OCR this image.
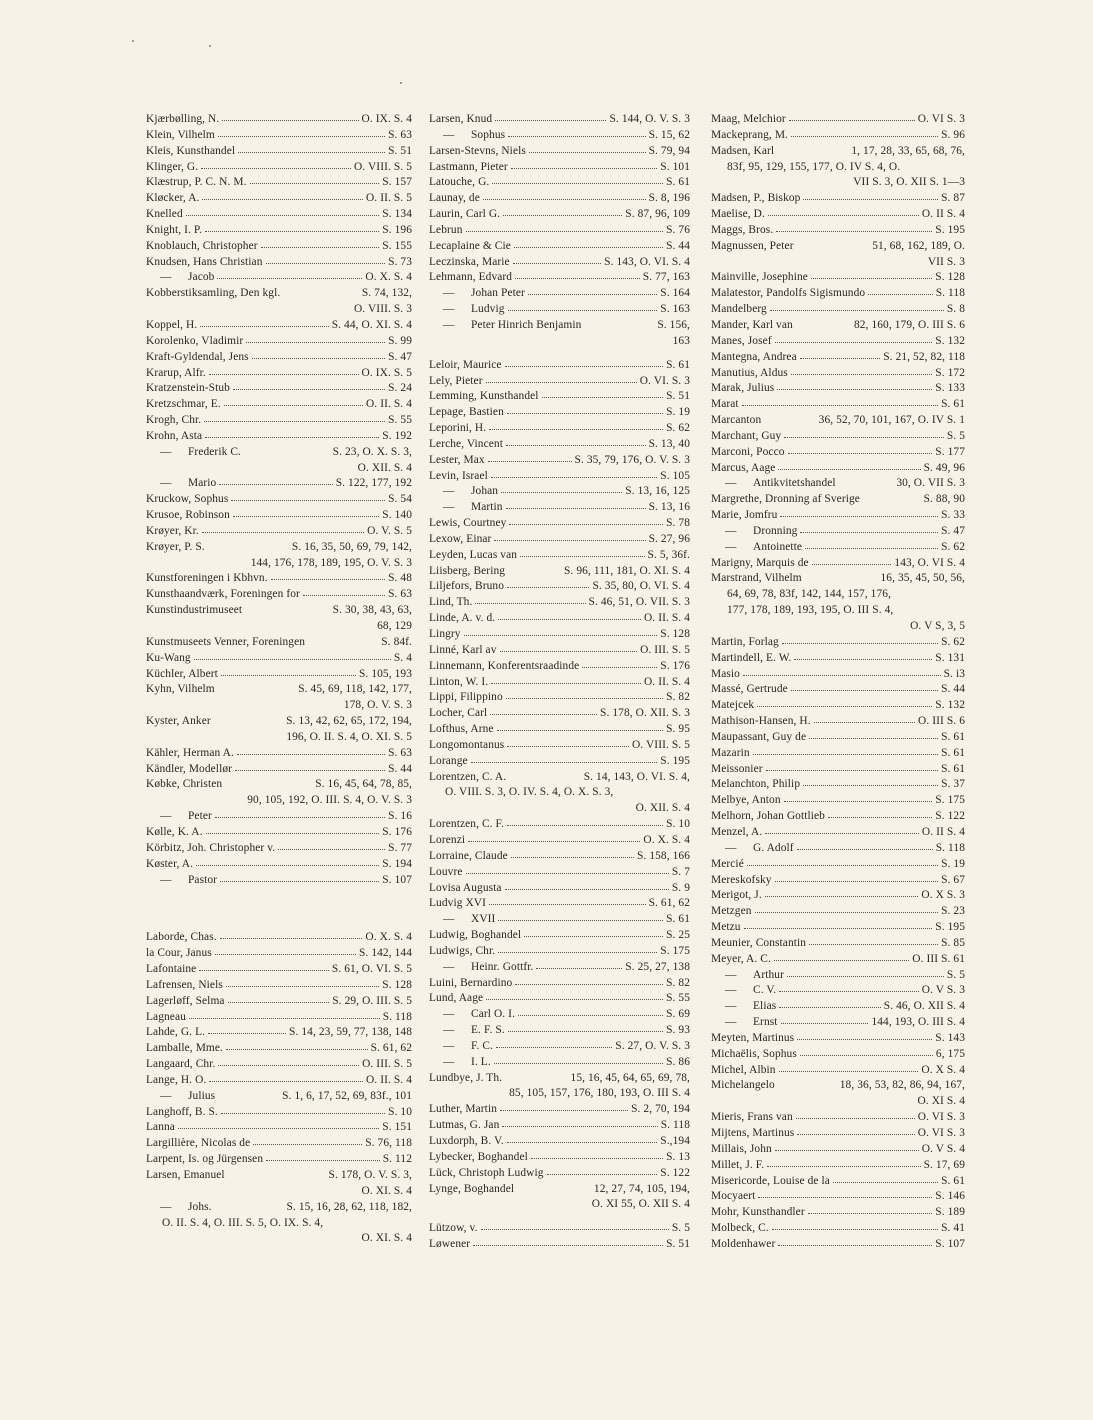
Kjærbølling, N.	O. IX. S. 4
Klein, Vilhelm	S. 63
Kleis, Kunsthandel	S. 51
Klinger, G.	O. VIII. S. 5
Klæstrup, P. C. N. M.	S. 157
Kløcker, A.	O. II. S. 5
Knelled	S. 134
Knight, I. P.	S. 196
Knoblauch, Christopher	S. 155
Knudsen, Hans Christian	S. 73
— Jacob	O. X. S. 4
Kobberstiksamling, Den kgl.	S. 74, 132,
O. VIII. S. 3
Koppel, H.	S. 44, O. XI. S. 4
Korolenko, Vladimir	S. 99
Kraft-Gyldendal, Jens	S. 47
Krarup, Alfr.	O. IX. S. 5
Kratzenstein-Stub	S. 24
Kretzschmar, E.	O. II. S. 4
Krogh, Chr.	S. 55
Krohn, Asta	S. 192
— Frederik C.	S. 23, O. X. S. 3,
O. XII. S. 4
— Mario	S. 122, 177, 192
Kruckow, Sophus	S. 54
Krusoe, Robinson	S. 140
Krøyer, Kr.	O. V. S. 5
Krøyer, P. S.	S. 16, 35, 50, 69, 79, 142,
144, 176, 178, 189, 195, O. V. S. 3
Kunstforeningen i Kbhvn.	S. 48
Kunsthaandværk, Foreningen for	S. 63
Kunstindustrimuseet	S. 30, 38, 43, 63,
68, 129
Kunstmuseets Venner, Foreningen	S. 84f.
Ku-Wang	S. 4
Küchler, Albert	S. 105, 193
Kyhn, Vilhelm	S. 45, 69, 118, 142, 177,
178, O. V. S. 3
Kyster, Anker	S. 13, 42, 62, 65, 172, 194,
196, O. II. S. 4, O. XI. S. 5
Kähler, Herman A.	S. 63
Kändler, Modellør	S. 44
Købke, Christen	S. 16, 45, 64, 78, 85,
90, 105, 192, O. III. S. 4, O. V. S. 3
— Peter	S. 16
Kølle, K. A.	S. 176
Körbitz, Joh. Christopher v.	S. 77
Køster, A.	S. 194
— Pastor	S. 107
Laborde, Chas.	O. X. S. 4
la Cour, Janus	S. 142, 144
Lafontaine	S. 61, O. VI. S. 5
Lafrensen, Niels	S. 128
Lagerløff, Selma	S. 29, O. III. S. 5
Lagneau	S. 118
Lahde, G. L.	S. 14, 23, 59, 77, 138, 148
Lamballe, Mme.	S. 61, 62
Langaard, Chr.	O. III. S. 5
Lange, H. O.	O. II. S. 4
— Julius	S. 1, 6, 17, 52, 69, 83f., 101
Langhoff, B. S.	S. 10
Lanna	S. 151
Largillière, Nicolas de	S. 76, 118
Larpent, Is. og Jürgensen	S. 112
Larsen, Emanuel	S. 178, O. V. S. 3,
O. XI. S. 4
— Johs.	S. 15, 16, 28, 62, 118, 182,
O. II. S. 4, O. III. S. 5, O. IX. S. 4,
O. XI. S. 4
Larsen, Knud	S. 144, O. V. S. 3
— Sophus	S. 15, 62
Larsen-Stevns, Niels	S. 79, 94
Lastmann, Pieter	S. 101
Latouche, G.	S. 61
Launay, de	S. 8, 196
Laurin, Carl G.	S. 87, 96, 109
Lebrun	S. 76
Lecaplaine & Cie	S. 44
Leczinska, Marie	S. 143, O. VI. S. 4
Lehmann, Edvard	S. 77, 163
— Johan Peter	S. 164
— Ludvig	S. 163
— Peter Hinrich Benjamin	S. 156,
163
Leloir, Maurice	S. 61
Lely, Pieter	O. VI. S. 3
Lemming, Kunsthandel	S. 51
Lepage, Bastien	S. 19
Leporini, H.	S. 62
Lerche, Vincent	S. 13, 40
Lester, Max	S. 35, 79, 176, O. V. S. 3
Levin, Israel	S. 105
— Johan	S. 13, 16, 125
— Martin	S. 13, 16
Lewis, Courtney	S. 78
Lexow, Einar	S. 27, 96
Leyden, Lucas van	S. 5, 36f.
Liisberg, Bering	S. 96, 111, 181, O. XI. S. 4
Liljefors, Bruno	S. 35, 80, O. VI. S. 4
Lind, Th.	S. 46, 51, O. VII. S. 3
Linde, A. v. d.	O. II. S. 4
Lingry	S. 128
Linné, Karl av	O. III. S. 5
Linnemann, Konferentsraadinde	S. 176
Linton, W. I.	O. II. S. 4
Lippi, Filippino	S. 82
Locher, Carl	S. 178, O. XII. S. 3
Lofthus, Arne	S. 95
Longomontanus	O. VIII. S. 5
Lorange	S. 195
Lorentzen, C. A.	S. 14, 143, O. VI. S. 4,
O. VIII. S. 3, O. IV. S. 4, O. X. S. 3,
O. XII. S. 4
Lorentzen, C. F.	S. 10
Lorenzi	O. X. S. 4
Lorraine, Claude	S. 158, 166
Louvre	S. 7
Lovisa Augusta	S. 9
Ludvig XVI	S. 61, 62
— XVII	S. 61
Ludwig, Boghandel	S. 25
Ludwigs, Chr.	S. 175
— Heinr. Gottfr.	S. 25, 27, 138
Luini, Bernardino	S. 82
Lund, Aage	S. 55
— Carl O. I.	S. 69
— E. F. S.	S. 93
— F. C.	S. 27, O. V. S. 3
— I. L.	S. 86
Lundbye, J. Th.	15, 16, 45, 64, 65, 69, 78,
85, 105, 157, 176, 180, 193, O. III S. 4
Luther, Martin	S. 2, 70, 194
Lutmas, G. Jan	S. 118
Luxdorph, B. V.	S.,194
Lybecker, Boghandel	S. 13
Lück, Christoph Ludwig	S. 122
Lynge, Boghandel	12, 27, 74, 105, 194,
O. XI 55, O. XII S. 4
Lützow, v.	S. 5
Løwener	S. 51
Maag, Melchior	O. VI S. 3
Mackeprang, M.	S. 96
Madsen, Karl	1, 17, 28, 33, 65, 68, 76,
83f, 95, 129, 155, 177, O. IV S. 4, O.
VII S. 3, O. XII S. 1—3
Madsen, P., Biskop	S. 87
Maelise, D.	O. II S. 4
Maggs, Bros.	S. 195
Magnussen, Peter	51, 68, 162, 189, O.
VII S. 3
Mainville, Josephine	S. 128
Malatestor, Pandolfs Sigismundo	S. 118
Mandelberg	S. 8
Mander, Karl van	82, 160, 179, O. III S. 6
Manes, Josef	S. 132
Mantegna, Andrea	S. 21, 52, 82, 118
Manutius, Aldus	S. 172
Marak, Julius	S. 133
Marat	S. 61
Marcanton	36, 52, 70, 101, 167, O. IV S. 1
Marchant, Guy	S. 5
Marconi, Pocco	S. 177
Marcus, Aage	S. 49, 96
— Antikvitetshandel	30, O. VII S. 3
Margrethe, Dronning af Sverige	S. 88, 90
Marie, Jomfru	S. 33
— Dronning	S. 47
— Antoinette	S. 62
Marigny, Marquis de	143, O. VI S. 4
Marstrand, Vilhelm	16, 35, 45, 50, 56,
64, 69, 78, 83f, 142, 144, 157, 176,
177, 178, 189, 193, 195, O. III S. 4,
O. V S, 3, 5
Martin, Forlag	S. 62
Martindell, E. W.	S. 131
Masio	S. i3
Massé, Gertrude	S. 44
Matejcek	S. 132
Mathison-Hansen, H.	O. III S. 6
Maupassant, Guy de	S. 61
Mazarin	S. 61
Meissonier	S. 61
Melanchton, Philip	S. 37
Melbye, Anton	S. 175
Melhorn, Johan Gottlieb	S. 122
Menzel, A.	O. II S. 4
— G. Adolf	S. 118
Mercié	S. 19
Mereskofsky	S. 67
Merigot, J.	O. X S. 3
Metzgen	S. 23
Metzu	S. 195
Meunier, Constantin	S. 85
Meyer, A. C.	O. III S. 61
— Arthur	S. 5
— C. V.	O. V S. 3
— Elias	S. 46, O. XII S. 4
— Ernst	144, 193, O. III S. 4
Meyten, Martinus	S. 143
Michaëlis, Sophus	6, 175
Michel, Albin	O. X S. 4
Michelangelo	18, 36, 53, 82, 86, 94, 167,
O. XI S. 4
Mieris, Frans van	O. VI S. 3
Mijtens, Martinus	O. VI S. 3
Millais, John	O. V S. 4
Millet, J. F.	S. 17, 69
Misericorde, Louise de la	S. 61
Mocyaert	S. 146
Mohr, Kunsthandler	S. 189
Molbeck, C.	S. 41
Moldenhawer	S. 107
